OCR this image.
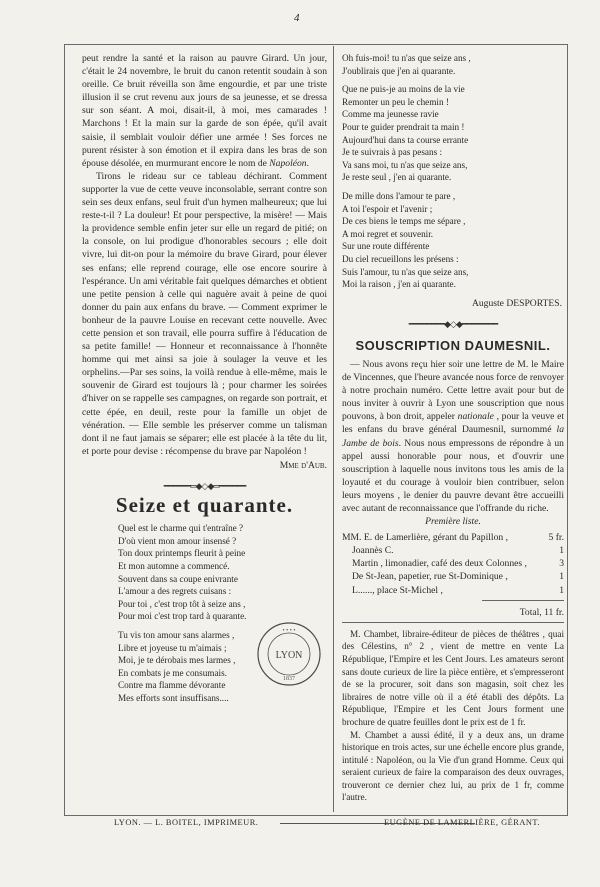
4

peut rendre la santé et la raison au pauvre Girard. Un jour, c'était le 24 novembre, le bruit du canon retentit soudain à son oreille. Ce bruit réveilla son âme engourdie, et par une triste illusion il se crut revenu aux jours de sa jeunesse, et se dressa sur son séant. A moi, disait-il, à moi, mes camarades ! Marchons ! Et la main sur la garde de son épée, qu'il avait saisie, il semblait vouloir défier une armée ! Ses forces ne purent résister à son émotion et il expira dans les bras de son épouse désolée, en murmurant encore le nom de Napoléon.

Tirons le rideau sur ce tableau déchirant. Comment supporter la vue de cette veuve inconsolable, serrant contre son sein ses deux enfans, seul fruit d'un hymen malheureux; que lui reste-t-il ? La douleur! Et pour perspective, la misère! — Mais la providence semble enfin jeter sur elle un regard de pitié; on la console, on lui prodigue d'honorables secours ; elle doit vivre, lui dit-on pour la mémoire du brave Girard, pour élever ses enfans; elle reprend courage, elle ose encore sourire à l'espérance. Un ami véritable fait quelques démarches et obtient une petite pension à celle qui naguère avait à peine de quoi donner du pain aux enfans du brave. — Comment exprimer le bonheur de la pauvre Louise en recevant cette nouvelle. Avec cette pension et son travail, elle pourra suffire à l'éducation de sa petite famille! — Honneur et reconnaissance à l'honnête homme qui met ainsi sa joie à soulager la veuve et les orphelins.—Par ses soins, la voilà rendue à elle-même, mais le souvenir de Girard est toujours là ; pour charmer les soirées d'hiver on se rappelle ses campagnes, on regarde son portrait, et cette épée, en deuil, reste pour la famille un objet de vénération. — Elle semble les préserver comme un talisman dont il ne faut jamais se séparer; elle est placée à la tête du lit, et porte pour devise : récompense du brave par Napoléon !

Mme d'Aub.

━━━━━━═◆◇◆═━━━━━━
Seize et quarante.

Quel est le charme qui t'entraîne ?

D'où vient mon amour insensé ?

Ton doux printemps fleurit à peine

Et mon automne a commencé.

Souvent dans sa coupe enivrante

L'amour a des regrets cuisans :

Pour toi , c'est trop tôt à seize ans ,

Pour moi c'est trop tard à quarante.

Tu vis ton amour sans alarmes ,

Libre et joyeuse tu m'aimais ;

Moi, je te dérobais mes larmes ,

En combats je me consumais.

Contre ma flamme dévorante

Mes efforts sont insuffisans....

LYON
• • • •
1837

Oh fuis-moi! tu n'as que seize ans ,

J'oublirais que j'en ai quarante.

Que ne puis-je au moins de la vie

Remonter un peu le chemin !

Comme ma jeunesse ravie

Pour te guider prendrait ta main !

Aujourd'hui dans ta course errante

Je te suivrais à pas pesans :

Va sans moi, tu n'as que seize ans,

Je reste seul , j'en ai quarante.

De mille dons l'amour te pare ,

A toi l'espoir et l'avenir ;

De ces biens le temps me sépare ,

A moi regret et souvenir.

Sur une route différente

Du ciel recueillons les présens :

Suis l'amour, tu n'as que seize ans,

Moi la raison , j'en ai quarante.

Auguste DESPORTES.

━━━━━━━━◆◇◆━━━━━━━━
SOUSCRIPTION DAUMESNIL.

— Nous avons reçu hier soir une lettre de M. le Maire de Vincennes, que l'heure avancée nous force de renvoyer à notre prochain numéro. Cette lettre avait pour but de nous inviter à ouvrir à Lyon une souscription que nous pouvons, à bon droit, appeler nationale , pour la veuve et les enfans du brave général Daumesnil, surnommé la Jambe de bois. Nous nous empressons de répondre à un appel aussi honorable pour nous, et d'ouvrir une souscription à laquelle nous invitons tous les amis de la loyauté et du courage à vouloir bien contribuer, selon leurs moyens , le denier du pauvre devant être accueilli avec autant de reconnaissance que l'offrande du riche.

Première liste.

MM. E. de Lamerlière, gérant du Papillon ,	5 fr.
Joannès C.	1
Martin , limonadier, café des deux Colonnes ,	3
De St-Jean, papetier, rue St-Dominique ,	1
L......, place St-Michel ,	1

Total, 11 fr.

M. Chambet, libraire-éditeur de pièces de théâtres , quai des Célestins, n° 2 , vient de mettre en vente La République, l'Empire et les Cent Jours. Les amateurs seront sans doute curieux de lire la pièce entière, et s'empresseront de se la procurer, soit dans son magasin, soit chez les libraires de notre ville où il a été établi des dépôts. La République, l'Empire et les Cent Jours forment une brochure de quatre feuilles dont le prix est de 1 fr.

M. Chambet a aussi édité, il y a deux ans, un drame historique en trois actes, sur une échelle encore plus grande, intitulé : Napoléon, ou la Vie d'un grand Homme. Ceux qui seraient curieux de faire la comparaison des deux ouvrages, trouveront ce dernier chez lui, au prix de 1 fr, comme l'autre.

LYON. — L. BOITEL, IMPRIMEUR.	EUGÈNE DE LAMERLIÈRE, GÉRANT.
